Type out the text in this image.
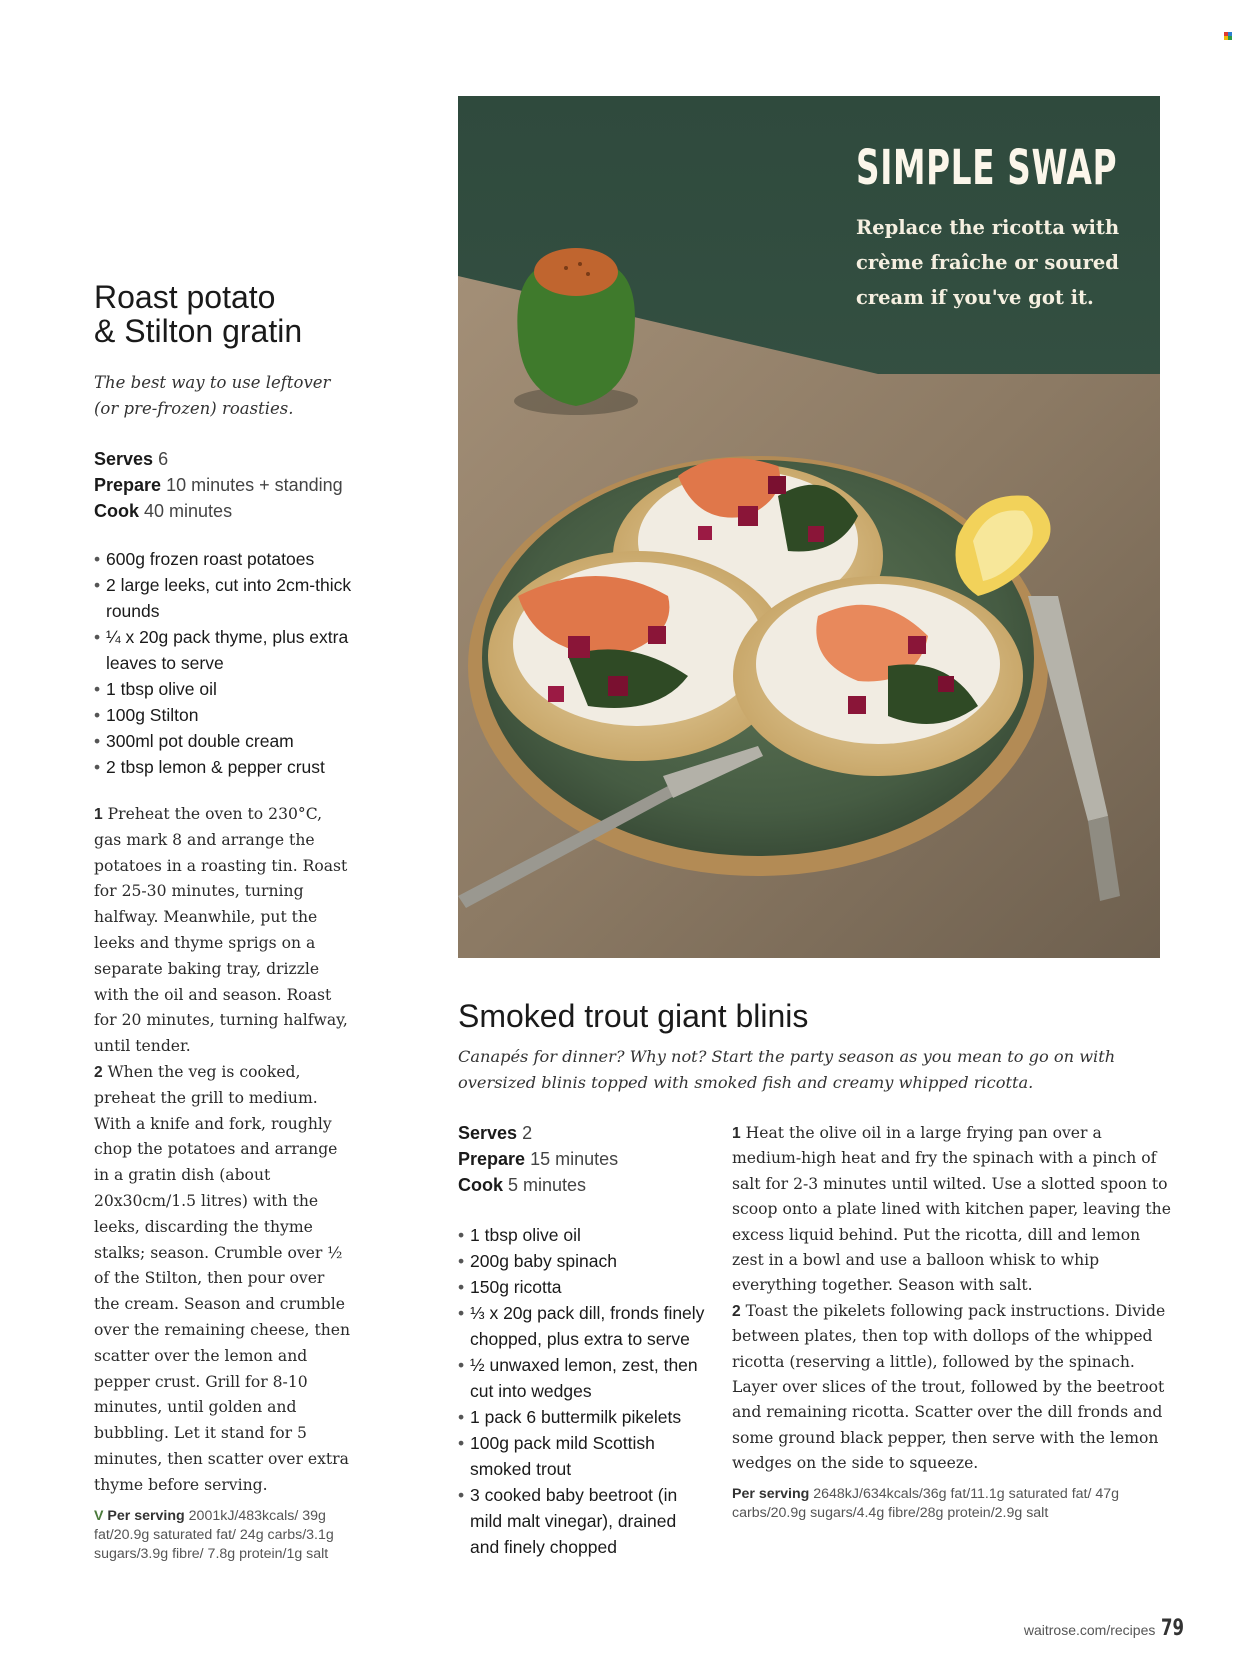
Roast potato
& Stilton gratin
The best way to use leftover
(or pre-frozen) roasties.
Serves 6
Prepare 10 minutes + standing
Cook 40 minutes
• 600g frozen roast potatoes
• 2 large leeks, cut into 2cm-thick rounds
• ¼ x 20g pack thyme, plus extra leaves to serve
• 1 tbsp olive oil
• 100g Stilton
• 300ml pot double cream
• 2 tbsp lemon & pepper crust
1 Preheat the oven to 230°C, gas mark 8 and arrange the potatoes in a roasting tin. Roast for 25-30 minutes, turning halfway. Meanwhile, put the leeks and thyme sprigs on a separate baking tray, drizzle with the oil and season. Roast for 20 minutes, turning halfway, until tender.
2 When the veg is cooked, preheat the grill to medium. With a knife and fork, roughly chop the potatoes and arrange in a gratin dish (about 20x30cm/1.5 litres) with the leeks, discarding the thyme stalks; season. Crumble over ½ of the Stilton, then pour over the cream. Season and crumble over the remaining cheese, then scatter over the lemon and pepper crust. Grill for 8-10 minutes, until golden and bubbling. Let it stand for 5 minutes, then scatter over extra thyme before serving.
V Per serving 2001kJ/483kcals/ 39g fat/20.9g saturated fat/ 24g carbs/3.1g sugars/3.9g fibre/ 7.8g protein/1g salt
SIMPLE SWAP
Replace the ricotta with crème fraîche or soured cream if you've got it.
Smoked trout giant blinis
Canapés for dinner? Why not? Start the party season as you mean to go on with oversized blinis topped with smoked fish and creamy whipped ricotta.
Serves 2
Prepare 15 minutes
Cook 5 minutes
• 1 tbsp olive oil
• 200g baby spinach
• 150g ricotta
• ⅓ x 20g pack dill, fronds finely chopped, plus extra to serve
• ½ unwaxed lemon, zest, then cut into wedges
• 1 pack 6 buttermilk pikelets
• 100g pack mild Scottish smoked trout
• 3 cooked baby beetroot (in mild malt vinegar), drained and finely chopped
1 Heat the olive oil in a large frying pan over a medium-high heat and fry the spinach with a pinch of salt for 2-3 minutes until wilted. Use a slotted spoon to scoop onto a plate lined with kitchen paper, leaving the excess liquid behind. Put the ricotta, dill and lemon zest in a bowl and use a balloon whisk to whip everything together. Season with salt.
2 Toast the pikelets following pack instructions. Divide between plates, then top with dollops of the whipped ricotta (reserving a little), followed by the spinach. Layer over slices of the trout, followed by the beetroot and remaining ricotta. Scatter over the dill fronds and some ground black pepper, then serve with the lemon wedges on the side to squeeze.
Per serving 2648kJ/634kcals/36g fat/11.1g saturated fat/ 47g carbs/20.9g sugars/4.4g fibre/28g protein/2.9g salt
waitrose.com/recipes 79
